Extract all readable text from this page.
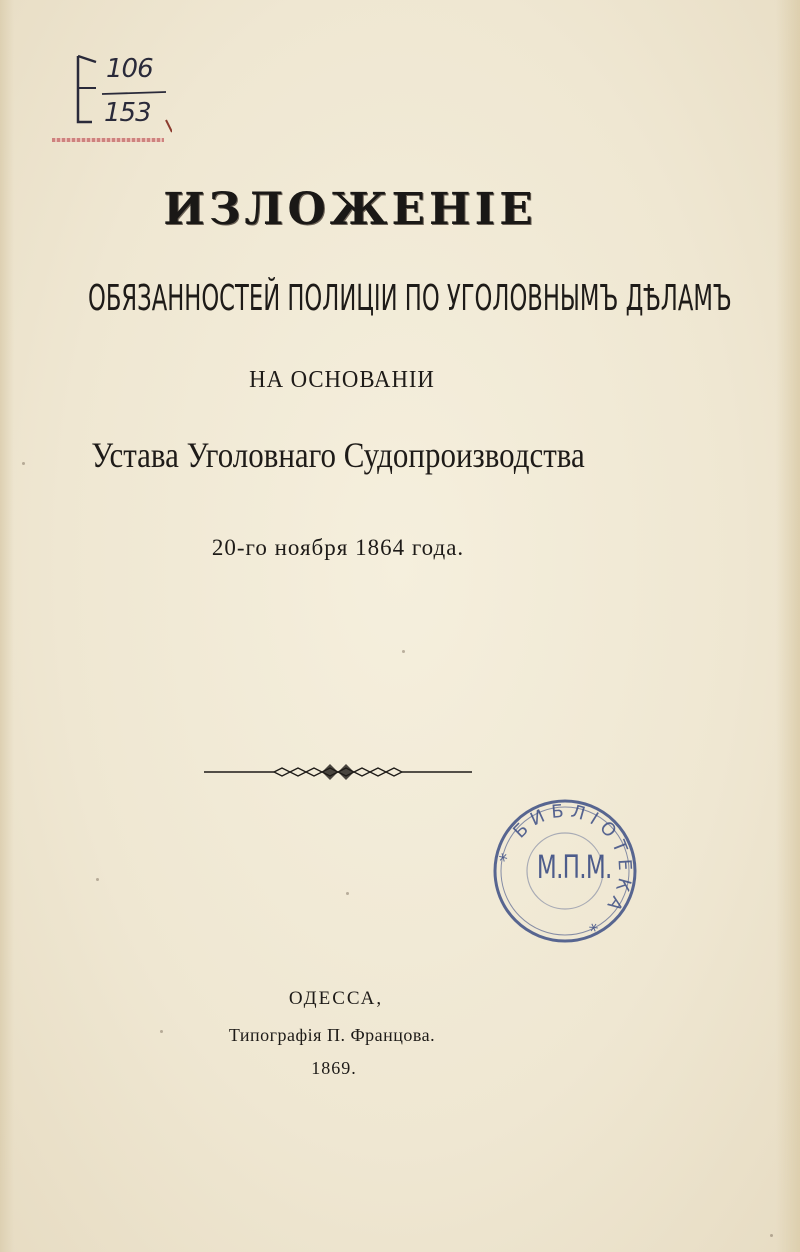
106
153
ИЗЛОЖЕНІЕ
ОБЯЗАННОСТЕЙ ПОЛИЦІИ ПО УГОЛОВНЫМЪ ДѢЛАМЪ
НА ОСНОВАНІИ
Устава Уголовнаго Судопроизводства
20-го ноября 1864 года.
* БИБЛІОТЕКА *
М.П.М.
ОДЕССА,
Типографія П. Францова.
1869.
